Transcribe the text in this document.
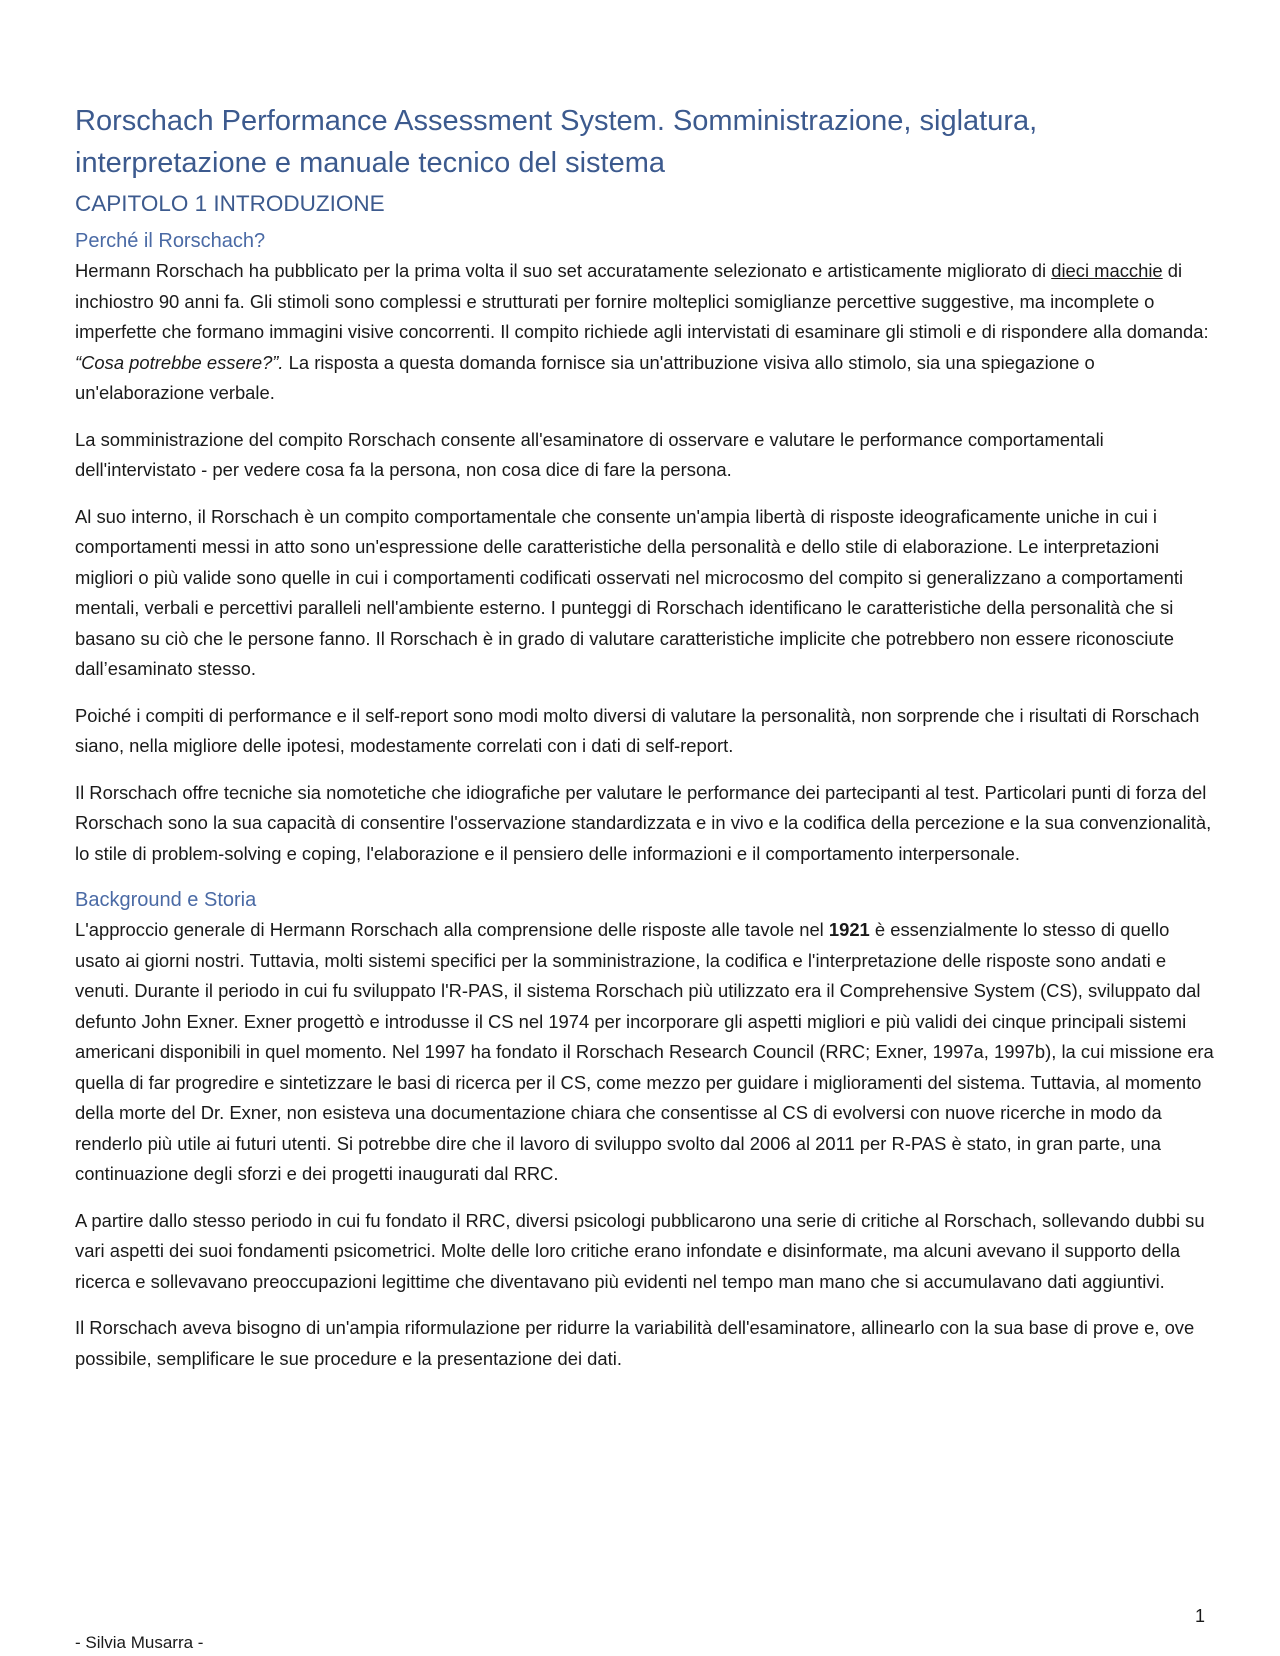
Rorschach Performance Assessment System. Somministrazione, siglatura, interpretazione e manuale tecnico del sistema
CAPITOLO 1 INTRODUZIONE
Perché il Rorschach?

Hermann Rorschach ha pubblicato per la prima volta il suo set accuratamente selezionato e artisticamente migliorato di dieci macchie di inchiostro 90 anni fa. Gli stimoli sono complessi e strutturati per fornire molteplici somiglianze percettive suggestive, ma incomplete o imperfette che formano immagini visive concorrenti. Il compito richiede agli intervistati di esaminare gli stimoli e di rispondere alla domanda: “Cosa potrebbe essere?”. La risposta a questa domanda fornisce sia un'attribuzione visiva allo stimolo, sia una spiegazione o un'elaborazione verbale.

La somministrazione del compito Rorschach consente all'esaminatore di osservare e valutare le performance comportamentali dell'intervistato - per vedere cosa fa la persona, non cosa dice di fare la persona.

Al suo interno, il Rorschach è un compito comportamentale che consente un'ampia libertà di risposte ideograficamente uniche in cui i comportamenti messi in atto sono un'espressione delle caratteristiche della personalità e dello stile di elaborazione. Le interpretazioni migliori o più valide sono quelle in cui i comportamenti codificati osservati nel microcosmo del compito si generalizzano a comportamenti mentali, verbali e percettivi paralleli nell'ambiente esterno. I punteggi di Rorschach identificano le caratteristiche della personalità che si basano su ciò che le persone fanno. Il Rorschach è in grado di valutare caratteristiche implicite che potrebbero non essere riconosciute dall’esaminato stesso.

Poiché i compiti di performance e il self-report sono modi molto diversi di valutare la personalità, non sorprende che i risultati di Rorschach siano, nella migliore delle ipotesi, modestamente correlati con i dati di self-report.

Il Rorschach offre tecniche sia nomotetiche che idiografiche per valutare le performance dei partecipanti al test. Particolari punti di forza del Rorschach sono la sua capacità di consentire l'osservazione standardizzata e in vivo e la codifica della percezione e la sua convenzionalità, lo stile di problem-solving e coping, l'elaborazione e il pensiero delle informazioni e il comportamento interpersonale.

Background e Storia

L'approccio generale di Hermann Rorschach alla comprensione delle risposte alle tavole nel 1921 è essenzialmente lo stesso di quello usato ai giorni nostri. Tuttavia, molti sistemi specifici per la somministrazione, la codifica e l'interpretazione delle risposte sono andati e venuti. Durante il periodo in cui fu sviluppato l'R-PAS, il sistema Rorschach più utilizzato era il Comprehensive System (CS), sviluppato dal defunto John Exner. Exner progettò e introdusse il CS nel 1974 per incorporare gli aspetti migliori e più validi dei cinque principali sistemi americani disponibili in quel momento. Nel 1997 ha fondato il Rorschach Research Council (RRC; Exner, 1997a, 1997b), la cui missione era quella di far progredire e sintetizzare le basi di ricerca per il CS, come mezzo per guidare i miglioramenti del sistema. Tuttavia, al momento della morte del Dr. Exner, non esisteva una documentazione chiara che consentisse al CS di evolversi con nuove ricerche in modo da renderlo più utile ai futuri utenti. Si potrebbe dire che il lavoro di sviluppo svolto dal 2006 al 2011 per R-PAS è stato, in gran parte, una continuazione degli sforzi e dei progetti inaugurati dal RRC.

A partire dallo stesso periodo in cui fu fondato il RRC, diversi psicologi pubblicarono una serie di critiche al Rorschach, sollevando dubbi su vari aspetti dei suoi fondamenti psicometrici. Molte delle loro critiche erano infondate e disinformate, ma alcuni avevano il supporto della ricerca e sollevavano preoccupazioni legittime che diventavano più evidenti nel tempo man mano che si accumulavano dati aggiuntivi.

Il Rorschach aveva bisogno di un'ampia riformulazione per ridurre la variabilità dell'esaminatore, allinearlo con la sua base di prove e, ove possibile, semplificare le sue procedure e la presentazione dei dati.

1
- Silvia Musarra -
